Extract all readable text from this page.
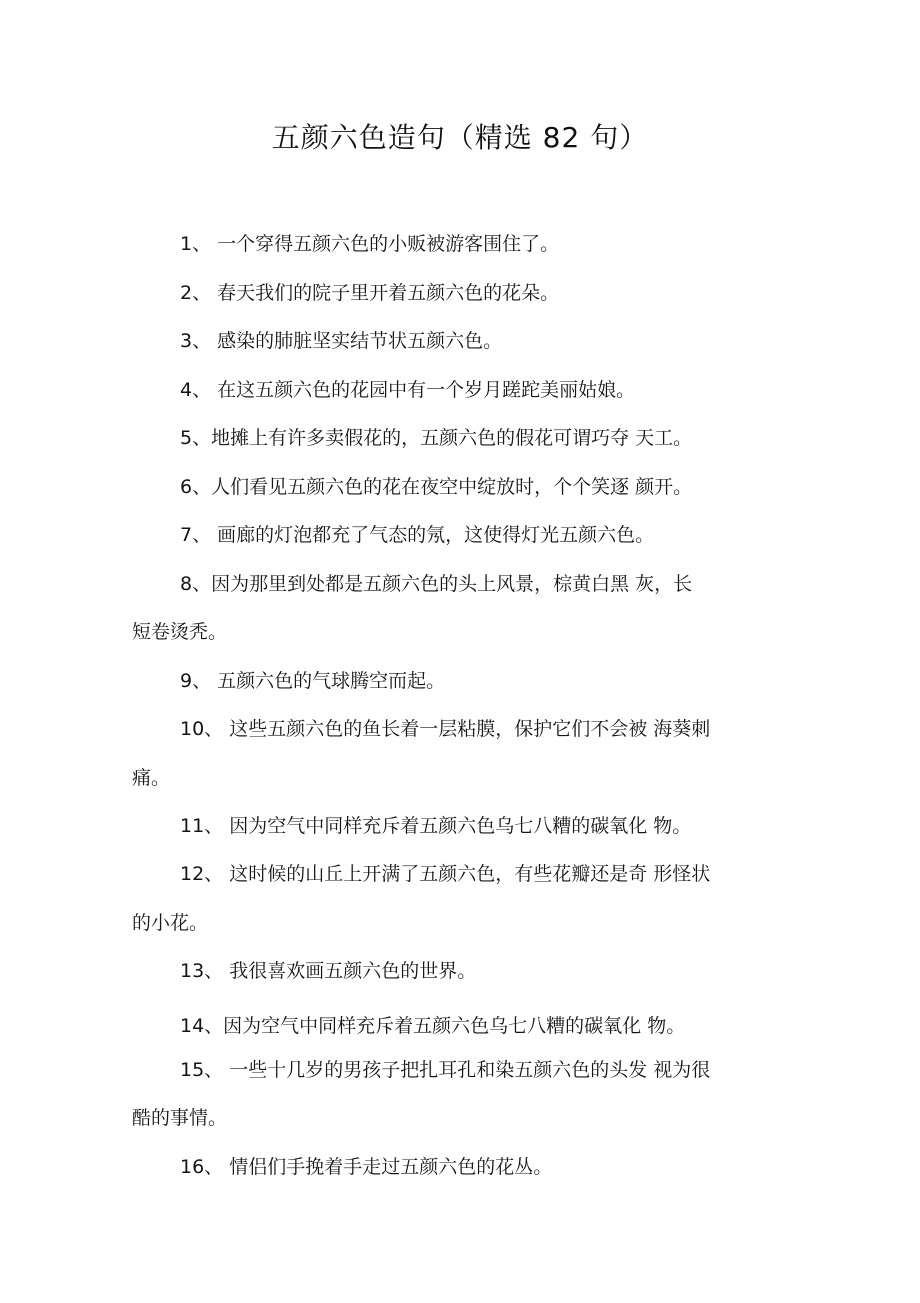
五颜六色造句（精选 82 句）
1、 一个穿得五颜六色的小贩被游客围住了。
2、 春天我们的院子里开着五颜六色的花朵。
3、 感染的肺脏坚实结节状五颜六色。
4、 在这五颜六色的花园中有一个岁月蹉跎美丽姑娘。
5、地摊上有许多卖假花的，五颜六色的假花可谓巧夺 天工。
6、人们看见五颜六色的花在夜空中绽放时，个个笑逐 颜开。
7、 画廊的灯泡都充了气态的氖，这使得灯光五颜六色。
8、因为那里到处都是五颜六色的头上风景，棕黄白黑 灰，长
短卷烫秃。
9、 五颜六色的气球腾空而起。
10、 这些五颜六色的鱼长着一层粘膜，保护它们不会被 海葵刺
痛。
11、 因为空气中同样充斥着五颜六色乌七八糟的碳氧化 物。
12、 这时候的山丘上开满了五颜六色，有些花瓣还是奇 形怪状
的小花。
13、 我很喜欢画五颜六色的世界。
14、因为空气中同样充斥着五颜六色乌七八糟的碳氧化 物。
15、 一些十几岁的男孩子把扎耳孔和染五颜六色的头发 视为很
酷的事情。
16、 情侣们手挽着手走过五颜六色的花丛。
